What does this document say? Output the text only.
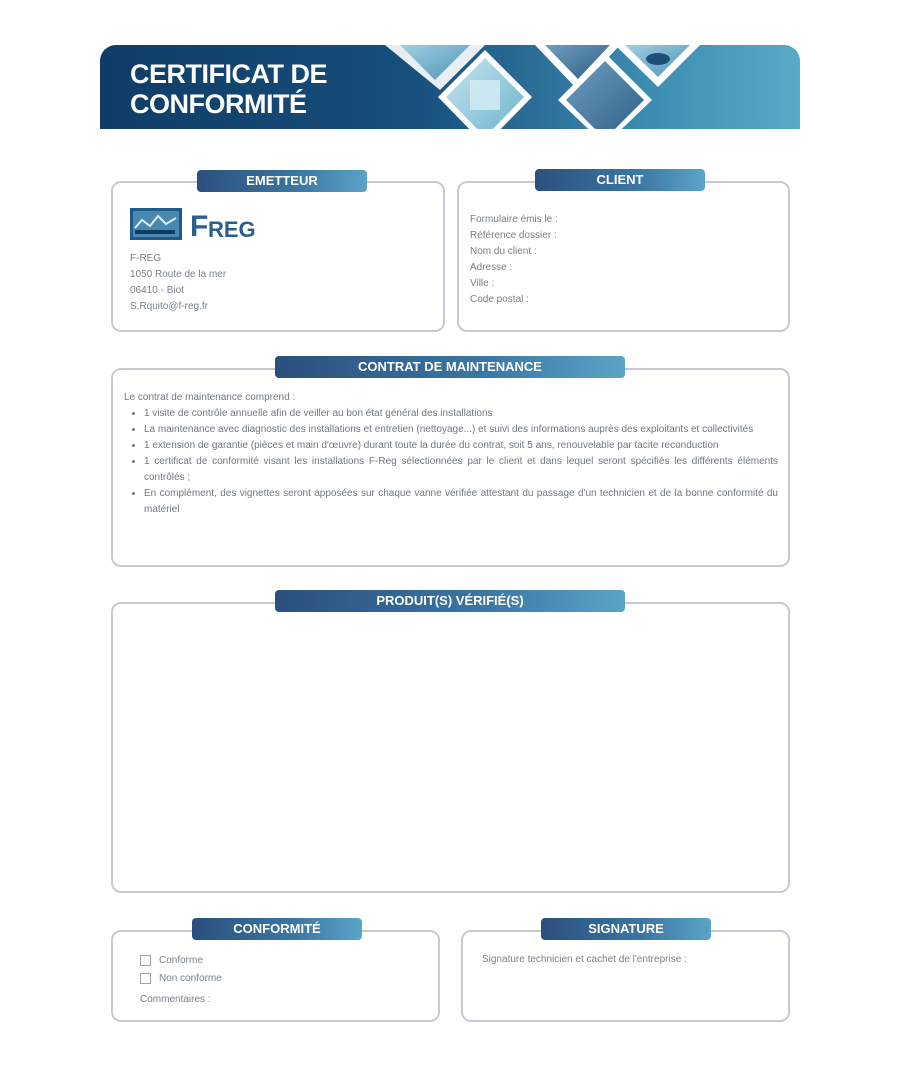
CERTIFICAT DE
CONFORMITÉ
EMETTEUR
F REG
F-REG
1050 Route de la mer
06410 - Biot
S.Rquito@f-reg.fr
CLIENT
Formulaire émis le :
Référence dossier :
Nom du client :
Adresse :
Ville :
Code postal :
CONTRAT DE MAINTENANCE
Le contrat de maintenance comprend :
• 1 visite de contrôle annuelle afin de veiller au bon état général des installations
• La maintenance avec diagnostic des installations et entretien (nettoyage...) et suivi des informations auprès des exploitants et collectivités
• 1 extension de garantie (pièces et main d'œuvre) durant toute la durée du contrat, soit 5 ans, renouvelable par tacite reconduction
• 1 certificat de conformité visant les installations F-Reg sélectionnées par le client et dans lequel seront spécifiés les différents éléments contrôlés ;
• En complément, des vignettes seront apposées sur chaque vanne vérifiée attestant du passage d'un technicien et de la bonne conformité du matériel
PRODUIT(S) VÉRIFIÉ(S)
CONFORMITÉ
Conforme
Non conforme
Commentaires :
SIGNATURE
Signature technicien et cachet de l'entreprise :
